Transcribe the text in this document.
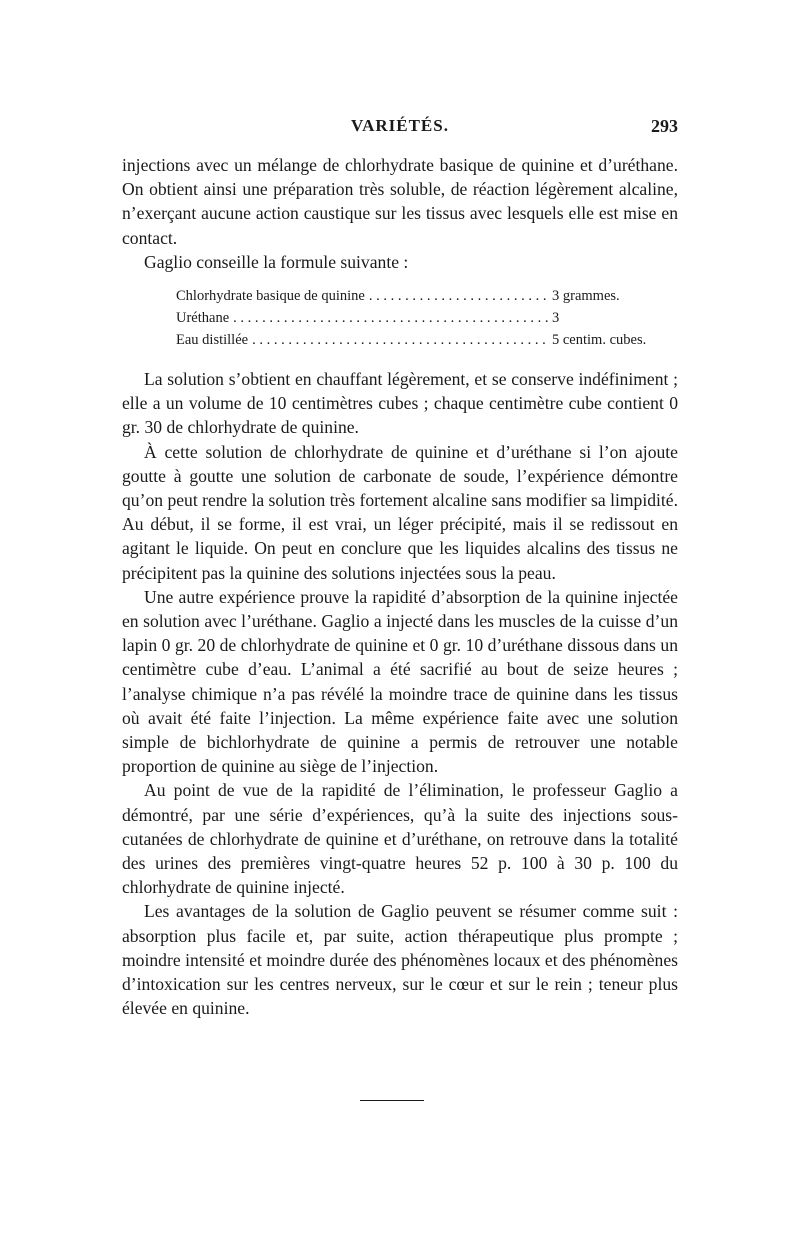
VARIÉTÉS.	293

injections avec un mélange de chlorhydrate basique de quinine et d’uréthane. On obtient ainsi une préparation très soluble, de réaction légèrement alcaline, n’exerçant aucune action caustique sur les tissus avec lesquels elle est mise en contact.

Gaglio conseille la formule suivante :

Chlorhydrate basique de quinine . . .	3 grammes.
Uréthane . . .	3
Eau distillée . . .	5 centim. cubes.

La solution s’obtient en chauffant légèrement, et se conserve indéfiniment ; elle a un volume de 10 centimètres cubes ; chaque centimètre cube contient 0 gr. 30 de chlorhydrate de quinine.

À cette solution de chlorhydrate de quinine et d’uréthane si l’on ajoute goutte à goutte une solution de carbonate de soude, l’expérience démontre qu’on peut rendre la solution très fortement alcaline sans modifier sa limpidité. Au début, il se forme, il est vrai, un léger précipité, mais il se redissout en agitant le liquide. On peut en conclure que les liquides alcalins des tissus ne précipitent pas la quinine des solutions injectées sous la peau.

Une autre expérience prouve la rapidité d’absorption de la quinine injectée en solution avec l’uréthane. Gaglio a injecté dans les muscles de la cuisse d’un lapin 0 gr. 20 de chlorhydrate de quinine et 0 gr. 10 d’uréthane dissous dans un centimètre cube d’eau. L’animal a été sacrifié au bout de seize heures ; l’analyse chimique n’a pas révélé la moindre trace de quinine dans les tissus où avait été faite l’injection. La même expérience faite avec une solution simple de bichlorhydrate de quinine a permis de retrouver une notable proportion de quinine au siège de l’injection.

Au point de vue de la rapidité de l’élimination, le professeur Gaglio a démontré, par une série d’expériences, qu’à la suite des injections sous-cutanées de chlorhydrate de quinine et d’uréthane, on retrouve dans la totalité des urines des premières vingt-quatre heures 52 p. 100 à 30 p. 100 du chlorhydrate de quinine injecté.

Les avantages de la solution de Gaglio peuvent se résumer comme suit : absorption plus facile et, par suite, action thérapeutique plus prompte ; moindre intensité et moindre durée des phénomènes locaux et des phénomènes d’intoxication sur les centres nerveux, sur le cœur et sur le rein ; teneur plus élevée en quinine.
